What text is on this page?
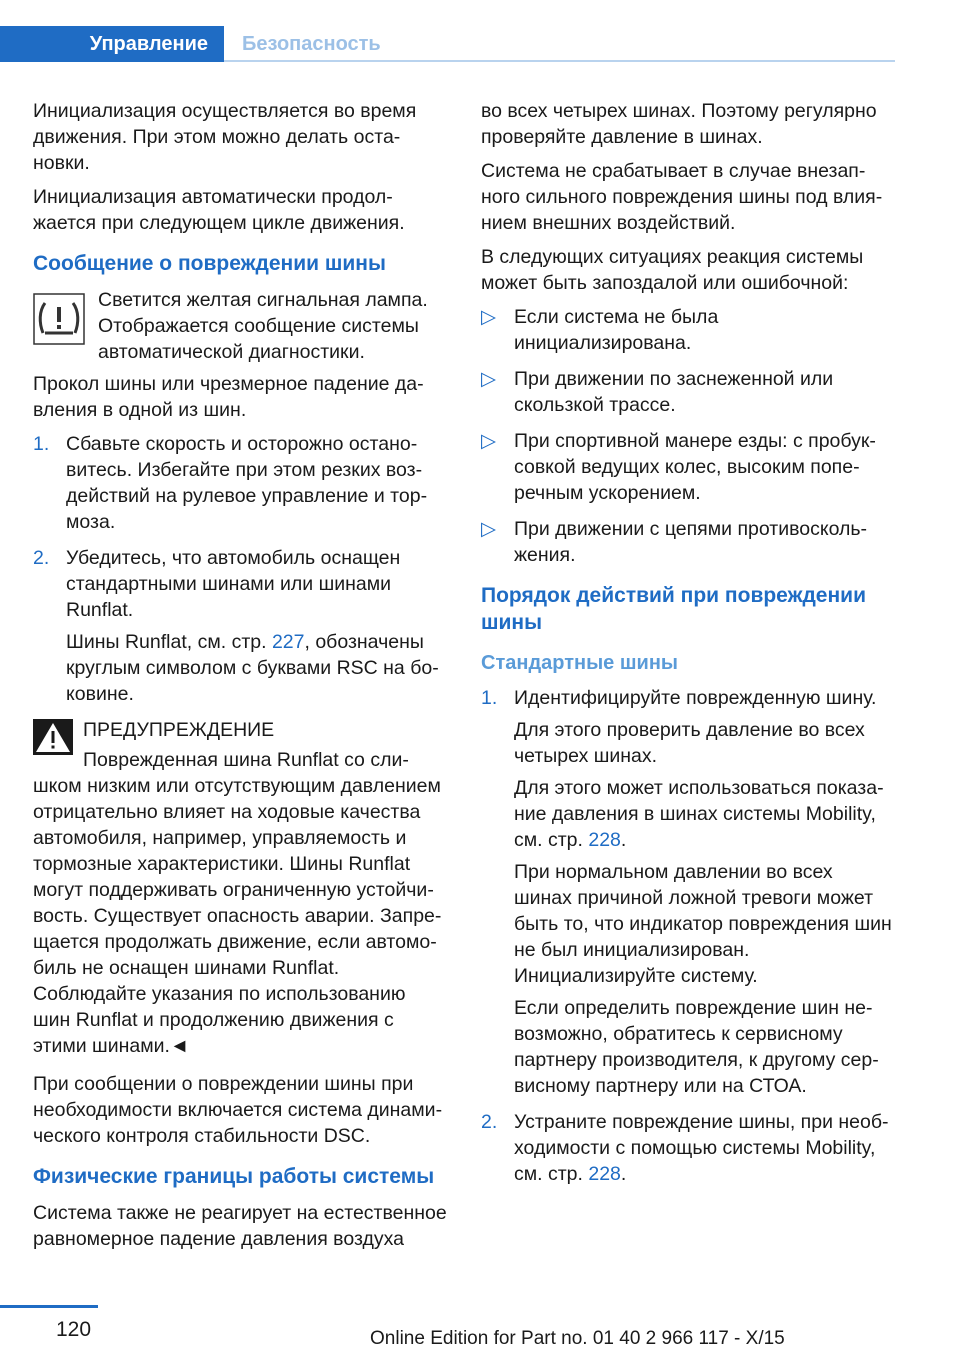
Управление Безопасность

Инициализация осуществляется во время движения. При этом можно делать остановки.

Инициализация автоматически продолжается при следующем цикле движения.

Сообщение о повреждении шины
Светится желтая сигнальная лампа. Отображается сообщение системы автоматической диагностики.

Прокол шины или чрезмерное падение давления в одной из шин.

1. Сбавьте скорость и осторожно остановитесь. Избегайте при этом резких воздействий на рулевое управление и тормоза.

2. Убедитесь, что автомобиль оснащен стандартными шинами или шинами Runflat.

Шины Runflat, см. стр. 227, обозначены круглым символом с буквами RSC на боковине.

ПРЕДУПРЕЖДЕНИЕ
Поврежденная шина Runflat со слишком низким или отсутствующим давлением отрицательно влияет на ходовые качества автомобиля, например, управляемость и тормозные характеристики. Шины Runflat могут поддерживать ограниченную устойчивость. Существует опасность аварии. Запрещается продолжать движение, если автомобиль не оснащен шинами Runflat. Соблюдайте указания по использованию шин Runflat и продолжению движения с этими шинами.◄

При сообщении о повреждении шины при необходимости включается система динамического контроля стабильности DSC.

Физические границы работы системы

Система также не реагирует на естественное равномерное падение давления воздуха

во всех четырех шинах. Поэтому регулярно проверяйте давление в шинах.

Система не срабатывает в случае внезапного сильного повреждения шины под влиянием внешних воздействий.

В следующих ситуациях реакция системы может быть запоздалой или ошибочной:

▷ Если система не была инициализирована.
▷ При движении по заснеженной или скользкой трассе.
▷ При спортивной манере езды: с пробуксовкой ведущих колес, высоким поперечным ускорением.
▷ При движении с цепями противоскольжения.
Порядок действий при повреждении шины
Стандартные шины
1. Идентифицируйте поврежденную шину.

Для этого проверить давление во всех четырех шинах.

Для этого может использоваться показание давления в шинах системы Mobility, см. стр. 228.

При нормальном давлении во всех шинах причиной ложной тревоги может быть то, что индикатор повреждения шин не был инициализирован. Инициализируйте систему.

Если определить повреждение шин невозможно, обратитесь к сервисному партнеру производителя, к другому сервисному партнеру или на СТОА.

2. Устраните повреждение шины, при необходимости с помощью системы Mobility, см. стр. 228.

120	Online Edition for Part no. 01 40 2 966 117 - X/15
